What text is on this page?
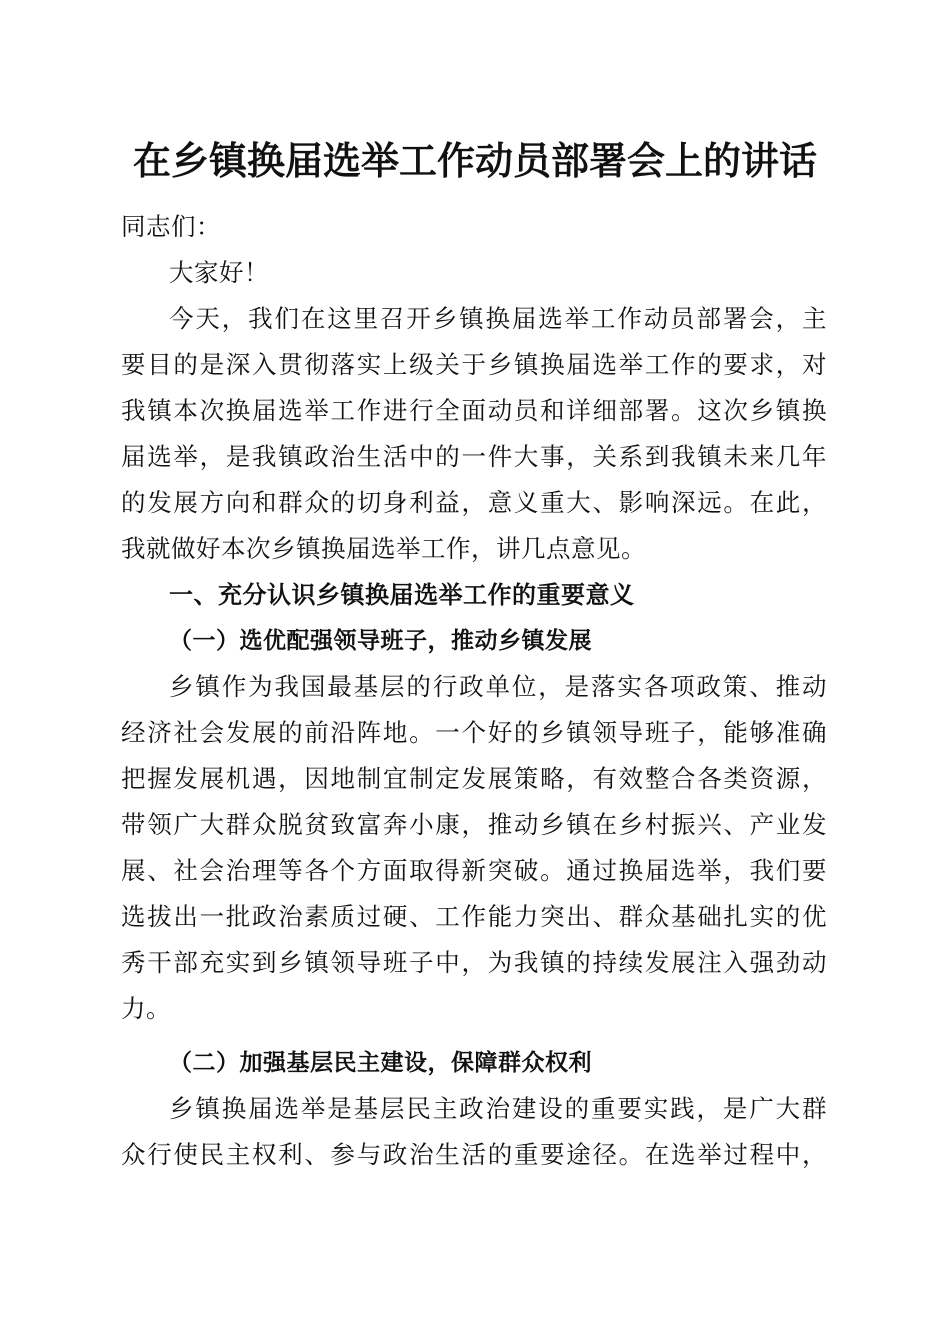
在乡镇换届选举工作动员部署会上的讲话
同志们：
大家好！
今天，我们在这里召开乡镇换届选举工作动员部署会，主
要目的是深入贯彻落实上级关于乡镇换届选举工作的要求，对
我镇本次换届选举工作进行全面动员和详细部署。这次乡镇换
届选举，是我镇政治生活中的一件大事，关系到我镇未来几年
的发展方向和群众的切身利益，意义重大、影响深远。在此，
我就做好本次乡镇换届选举工作，讲几点意见。
一、充分认识乡镇换届选举工作的重要意义
（一）选优配强领导班子，推动乡镇发展
乡镇作为我国最基层的行政单位，是落实各项政策、推动
经济社会发展的前沿阵地。一个好的乡镇领导班子，能够准确
把握发展机遇，因地制宜制定发展策略，有效整合各类资源，
带领广大群众脱贫致富奔小康，推动乡镇在乡村振兴、产业发
展、社会治理等各个方面取得新突破。通过换届选举，我们要
选拔出一批政治素质过硬、工作能力突出、群众基础扎实的优
秀干部充实到乡镇领导班子中，为我镇的持续发展注入强劲动
力。
（二）加强基层民主建设，保障群众权利
乡镇换届选举是基层民主政治建设的重要实践，是广大群
众行使民主权利、参与政治生活的重要途径。在选举过程中，
